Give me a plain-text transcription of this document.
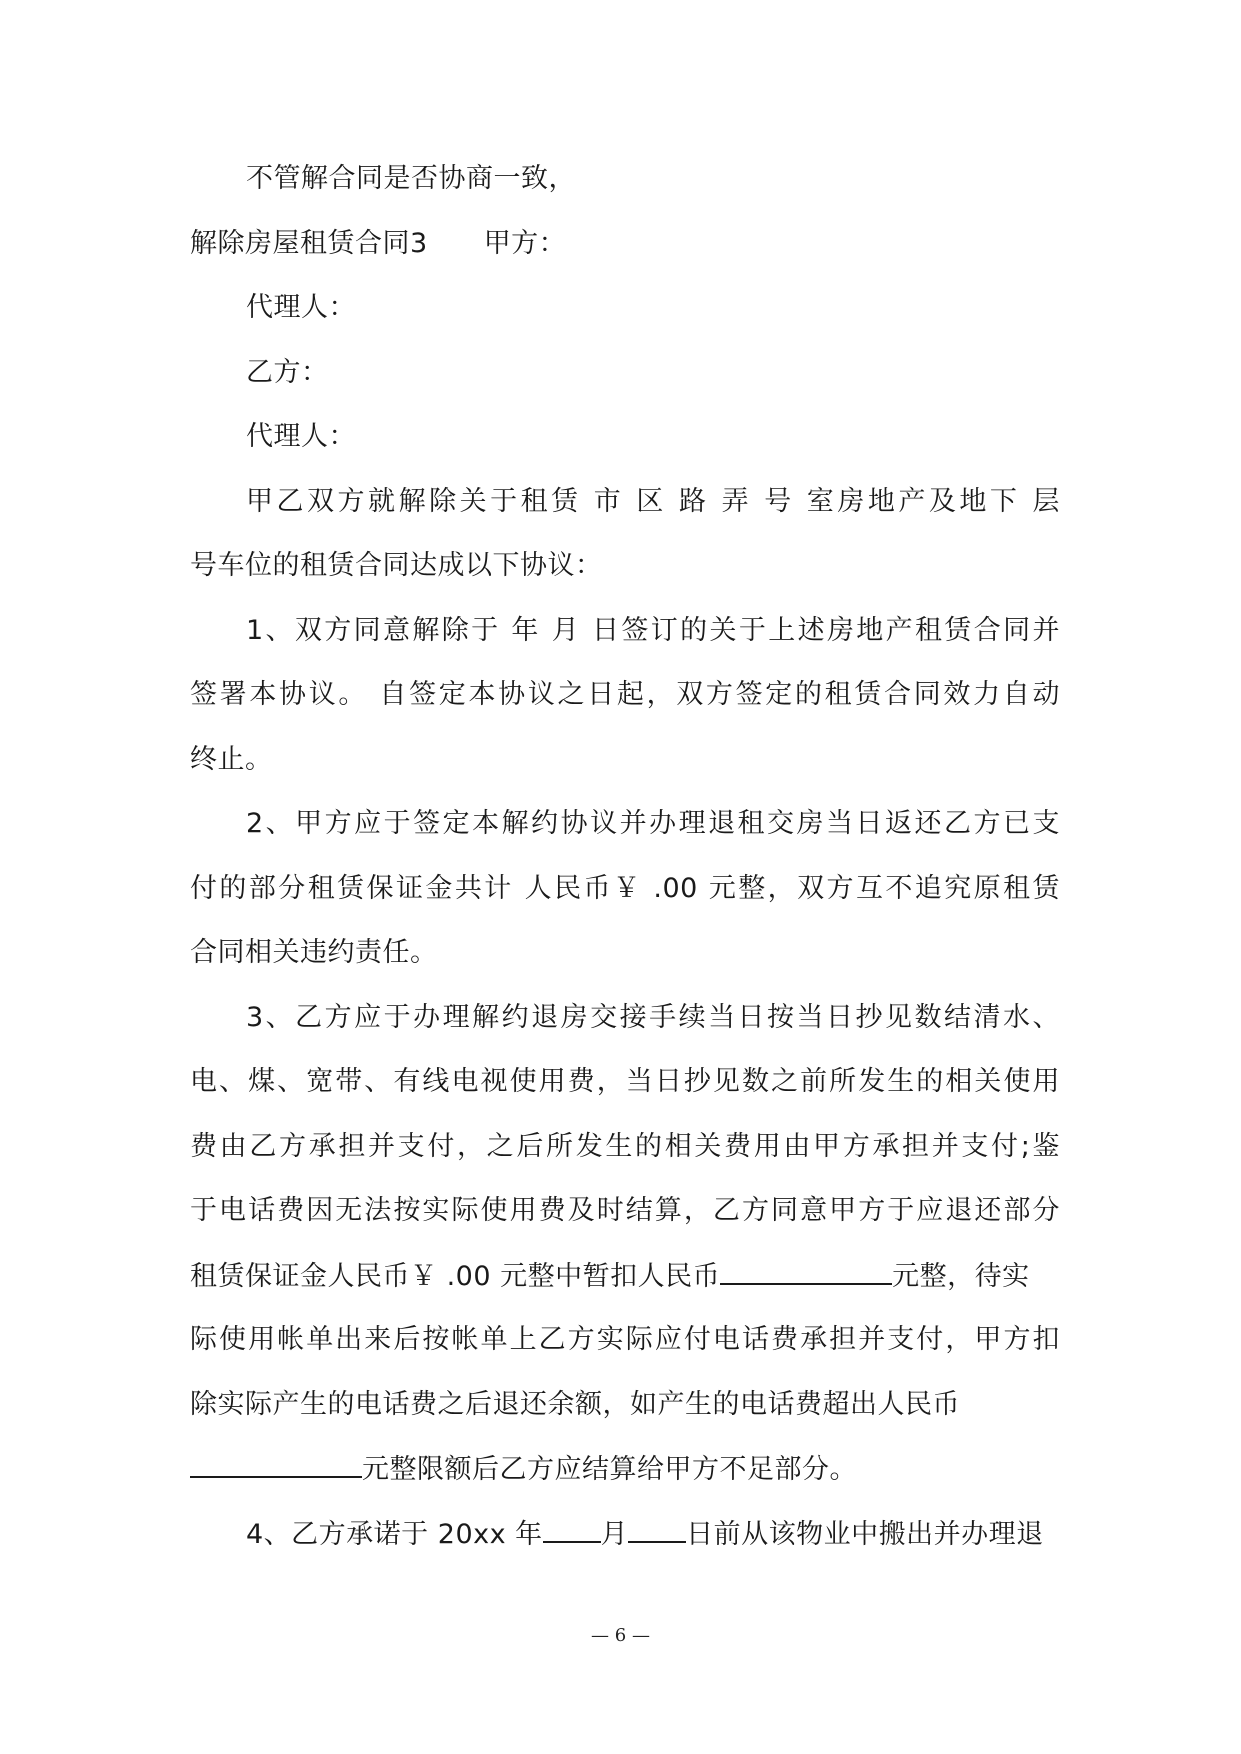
不管解合同是否协商一致，
解除房屋租赁合同3 甲方：
代理人：
乙方：
代理人：
甲乙双方就解除关于租赁 市 区 路 弄 号 室房地产及地下 层
号车位的租赁合同达成以下协议：
1、双方同意解除于 年 月 日签订的关于上述房地产租赁合同并
签署本协议。 自签定本协议之日起，双方签定的租赁合同效力自动
终止。
2、甲方应于签定本解约协议并办理退租交房当日返还乙方已支
付的部分租赁保证金共计 人民币￥ .00 元整，双方互不追究原租赁
合同相关违约责任。
3、乙方应于办理解约退房交接手续当日按当日抄见数结清水、
电、煤、宽带、有线电视使用费，当日抄见数之前所发生的相关使用
费由乙方承担并支付，之后所发生的相关费用由甲方承担并支付;鉴
于电话费因无法按实际使用费及时结算，乙方同意甲方于应退还部分
租赁保证金人民币￥ .00 元整中暂扣人民币	元整，待实
际使用帐单出来后按帐单上乙方实际应付电话费承担并支付，甲方扣
除实际产生的电话费之后退还余额，如产生的电话费超出人民币
元整限额后乙方应结算给甲方不足部分。
4、乙方承诺于 20xx 年 月 日前从该物业中搬出并办理退
— 6 —
